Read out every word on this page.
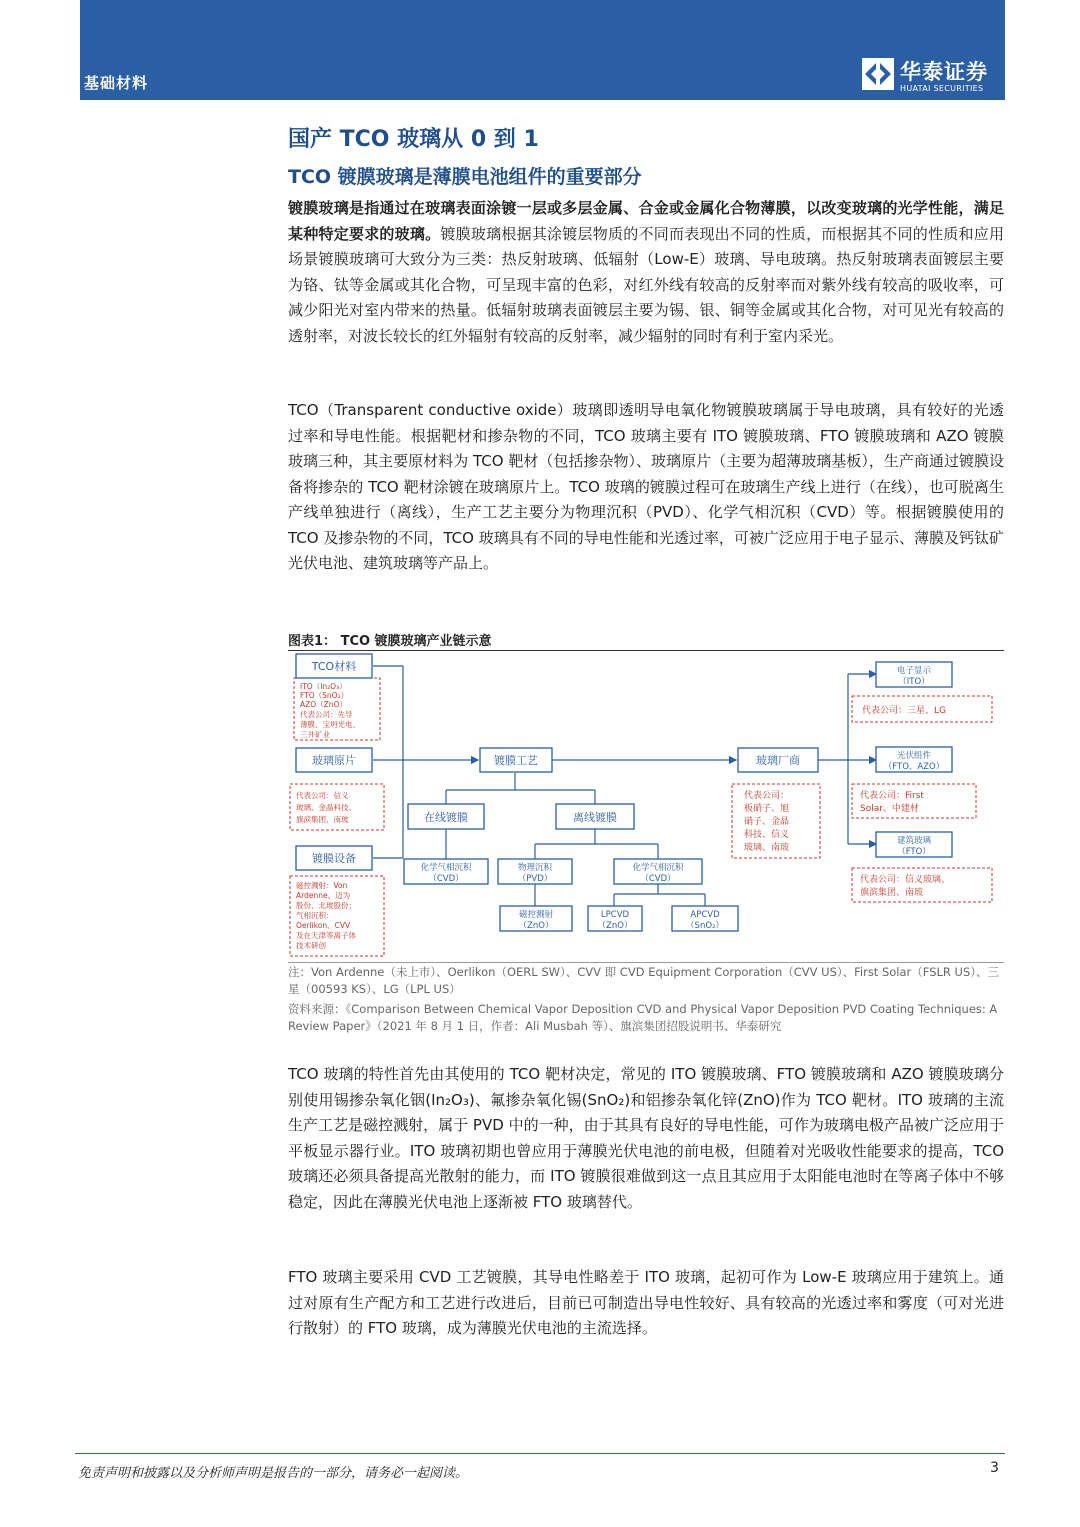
基础材料	华泰证券
HUATAI SECURITIES
国产 TCO 玻璃从 0 到 1
TCO 镀膜玻璃是薄膜电池组件的重要部分

镀膜玻璃是指通过在玻璃表面涂镀一层或多层金属、合金或金属化合物薄膜，以改变玻璃的光学性能，满足某种特定要求的玻璃。镀膜玻璃根据其涂镀层物质的不同而表现出不同的性质，而根据其不同的性质和应用场景镀膜玻璃可大致分为三类：热反射玻璃、低辐射（Low-E）玻璃、导电玻璃。热反射玻璃表面镀层主要为铬、钛等金属或其化合物，可呈现丰富的色彩，对红外线有较高的反射率而对紫外线有较高的吸收率，可减少阳光对室内带来的热量。低辐射玻璃表面镀层主要为锡、银、铜等金属或其化合物，对可见光有较高的透射率，对波长较长的红外辐射有较高的反射率，减少辐射的同时有利于室内采光。

TCO（Transparent conductive oxide）玻璃即透明导电氧化物镀膜玻璃属于导电玻璃，具有较好的光透过率和导电性能。根据靶材和掺杂物的不同，TCO 玻璃主要有 ITO 镀膜玻璃、FTO 镀膜玻璃和 AZO 镀膜玻璃三种，其主要原材料为 TCO 靶材（包括掺杂物）、玻璃原片（主要为超薄玻璃基板），生产商通过镀膜设备将掺杂的 TCO 靶材涂镀在玻璃原片上。TCO 玻璃的镀膜过程可在玻璃生产线上进行（在线），也可脱离生产线单独进行（离线），生产工艺主要分为物理沉积（PVD）、化学气相沉积（CVD）等。根据镀膜使用的 TCO 及掺杂物的不同，TCO 玻璃具有不同的导电性能和光透过率，可被广泛应用于电子显示、薄膜及钙钛矿光伏电池、建筑玻璃等产品上。

图表1： TCO 镀膜玻璃产业链示意
TCO材料
玻璃原片
镀膜设备
镀膜工艺
在线镀膜	离线镀膜
玻璃厂商
化学气相沉积
（CVD）
物理沉积
（PVD）
化学气相沉积
（CVD）
磁控溅射
（ZnO）
LPCVD
（ZnO）
APCVD
（SnO₂）
电子显示
（ITO）
光伏组件
（FTO、AZO）
建筑玻璃
（FTO）
ITO（In₂O₃）
FTO（SnO₂）
AZO（ZnO）
代表公司：先导
薄膜、宝坍光电、
三井矿业
代表公司：信义
玻璃、金晶科技、
旗滨集团、南玻
磁控溅射：Von
Ardenne、迈为
股份、北玻股份；
气相沉积：
Oerlikon、CVV
及在天津等离子体
技术研创
代表公司：
板硝子、旭
硝子、金晶
科技、信义
玻璃、南玻
代表公司：三星、LG
代表公司：First
Solar、中建材
代表公司：信义玻璃、
旗滨集团、南玻

注：Von Ardenne（未上市）、Oerlikon（OERL SW）、CVV 即 CVD Equipment Corporation（CVV US）、First Solar（FSLR US）、三星（00593 KS）、LG（LPL US）

资料来源：《Comparison Between Chemical Vapor Deposition CVD and Physical Vapor Deposition PVD Coating Techniques: A Review Paper》（2021 年 8 月 1 日，作者：Ali Musbah 等）、旗滨集团招股说明书、华泰研究

TCO 玻璃的特性首先由其使用的 TCO 靶材决定，常见的 ITO 镀膜玻璃、FTO 镀膜玻璃和 AZO 镀膜玻璃分别使用锡掺杂氧化铟(In₂O₃)、氟掺杂氧化锡(SnO₂)和铝掺杂氧化锌(ZnO)作为 TCO 靶材。ITO 玻璃的主流生产工艺是磁控溅射，属于 PVD 中的一种，由于其具有良好的导电性能，可作为玻璃电极产品被广泛应用于平板显示器行业。ITO 玻璃初期也曾应用于薄膜光伏电池的前电极，但随着对光吸收性能要求的提高，TCO 玻璃还必须具备提高光散射的能力，而 ITO 镀膜很难做到这一点且其应用于太阳能电池时在等离子体中不够稳定，因此在薄膜光伏电池上逐渐被 FTO 玻璃替代。

FTO 玻璃主要采用 CVD 工艺镀膜，其导电性略差于 ITO 玻璃，起初可作为 Low-E 玻璃应用于建筑上。通过对原有生产配方和工艺进行改进后，目前已可制造出导电性较好、具有较高的光透过率和雾度（可对光进行散射）的 FTO 玻璃，成为薄膜光伏电池的主流选择。

免责声明和披露以及分析师声明是报告的一部分，请务必一起阅读。	3
